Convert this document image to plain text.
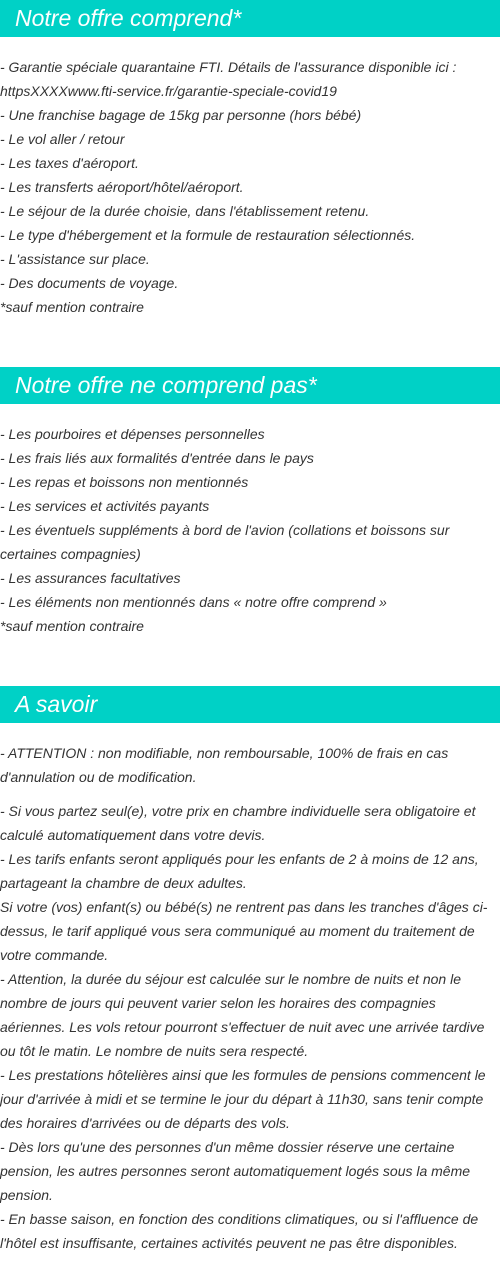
Notre offre comprend*
- Garantie spéciale quarantaine FTI. Détails de l'assurance disponible ici : httpsXXXXwww.fti-service.fr/garantie-speciale-covid19
- Une franchise bagage de 15kg par personne (hors bébé)
- Le vol aller / retour
- Les taxes d'aéroport.
- Les transferts aéroport/hôtel/aéroport.
- Le séjour de la durée choisie, dans l'établissement retenu.
- Le type d'hébergement et la formule de restauration sélectionnés.
- L'assistance sur place.
- Des documents de voyage.
*sauf mention contraire
Notre offre ne comprend pas*
- Les pourboires et dépenses personnelles
- Les frais liés aux formalités d'entrée dans le pays
- Les repas et boissons non mentionnés
- Les services et activités payants
- Les éventuels suppléments à bord de l'avion (collations et boissons sur certaines compagnies)
- Les assurances facultatives
- Les éléments non mentionnés dans « notre offre comprend »
*sauf mention contraire
A savoir
- ATTENTION : non modifiable, non remboursable, 100% de frais en cas d'annulation ou de modification.
- Si vous partez seul(e), votre prix en chambre individuelle sera obligatoire et calculé automatiquement dans votre devis.
- Les tarifs enfants seront appliqués pour les enfants de 2 à moins de 12 ans, partageant la chambre de deux adultes.
Si votre (vos) enfant(s) ou bébé(s) ne rentrent pas dans les tranches d'âges ci-dessus, le tarif appliqué vous sera communiqué au moment du traitement de votre commande.
- Attention, la durée du séjour est calculée sur le nombre de nuits et non le nombre de jours qui peuvent varier selon les horaires des compagnies aériennes. Les vols retour pourront s'effectuer de nuit avec une arrivée tardive ou tôt le matin. Le nombre de nuits sera respecté.
- Les prestations hôtelières ainsi que les formules de pensions commencent le jour d'arrivée à midi et se termine le jour du départ à 11h30, sans tenir compte des horaires d'arrivées ou de départs des vols.
- Dès lors qu'une des personnes d'un même dossier réserve une certaine pension, les autres personnes seront automatiquement logés sous la même pension.
- En basse saison, en fonction des conditions climatiques, ou si l'affluence de l'hôtel est insuffisante, certaines activités peuvent ne pas être disponibles.
